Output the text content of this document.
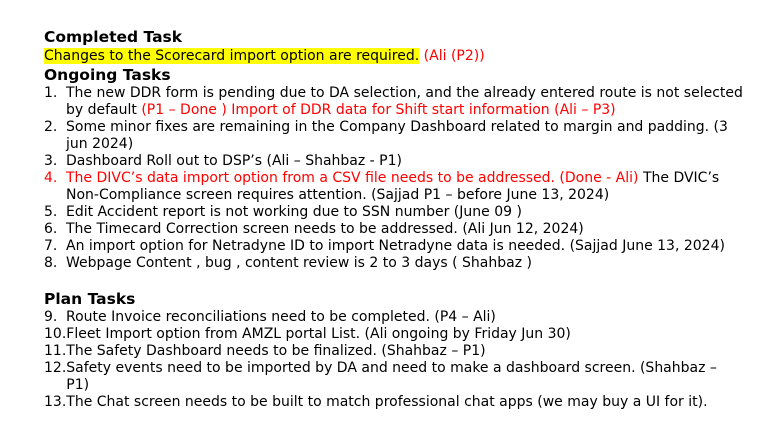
Completed Task
Changes to the Scorecard import option are required. (Ali (P2))
Ongoing Tasks
1. The new DDR form is pending due to DA selection, and the already entered route is not selected by default (P1 – Done ) Import of DDR data for Shift start information (Ali – P3)
2. Some minor fixes are remaining in the Company Dashboard related to margin and padding. (3 jun 2024)
3. Dashboard Roll out to DSP’s (Ali – Shahbaz - P1)
4. The DIVC’s data import option from a CSV file needs to be addressed. (Done - Ali) The DVIC’s Non-Compliance screen requires attention. (Sajjad P1 – before June 13, 2024)
5. Edit Accident report is not working due to SSN number (June 09 )
6. The Timecard Correction screen needs to be addressed. (Ali Jun 12, 2024)
7. An import option for Netradyne ID to import Netradyne data is needed. (Sajjad June 13, 2024)
8. Webpage Content , bug , content review is 2 to 3 days ( Shahbaz )
Plan Tasks
9. Route Invoice reconciliations need to be completed. (P4 – Ali)
10. Fleet Import option from AMZL portal List. (Ali ongoing by Friday Jun 30)
11. The Safety Dashboard needs to be finalized. (Shahbaz – P1)
12. Safety events need to be imported by DA and need to make a dashboard screen. (Shahbaz – P1)
13. The Chat screen needs to be built to match professional chat apps (we may buy a UI for it).
